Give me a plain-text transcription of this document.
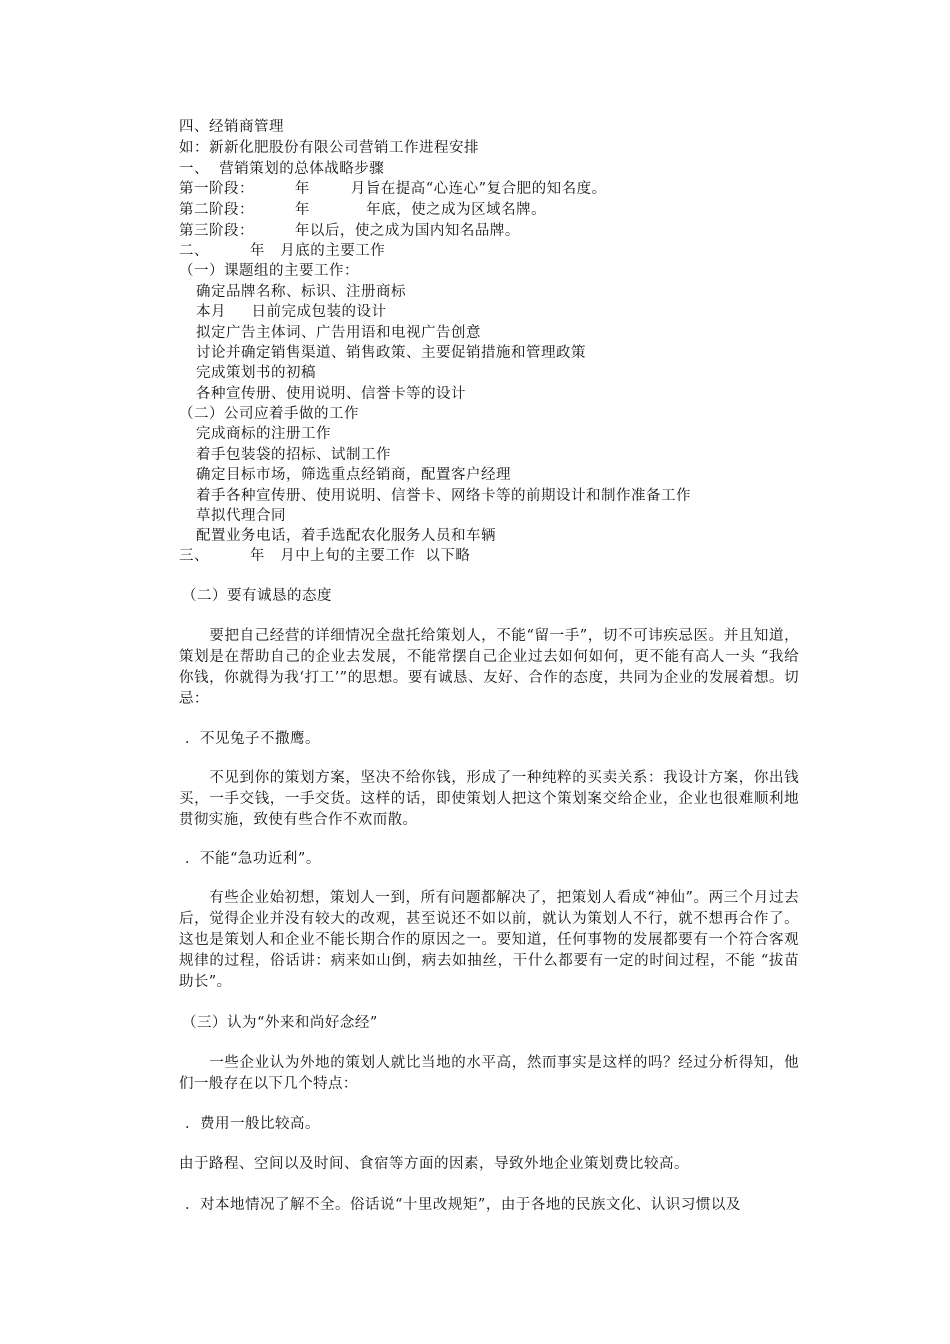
四、经销商管理
如：新新化肥股份有限公司营销工作进程安排
一、  营销策划的总体战略步骤
第一阶段：        年        月旨在提高“心连心”复合肥的知名度。
第二阶段：        年           年底，使之成为区域名牌。
第三阶段：        年以后，使之成为国内知名品牌。
二、        年   月底的主要工作
（一）课题组的主要工作：
确定品牌名称、标识、注册商标
本月     日前完成包装的设计
拟定广告主体词、广告用语和电视广告创意
讨论并确定销售渠道、销售政策、主要促销措施和管理政策
完成策划书的初稿
各种宣传册、使用说明、信誉卡等的设计
（二）公司应着手做的工作
完成商标的注册工作
着手包装袋的招标、试制工作
确定目标市场，筛选重点经销商，配置客户经理
着手各种宣传册、使用说明、信誉卡、网络卡等的前期设计和制作准备工作
草拟代理合同
配置业务电话，着手选配农化服务人员和车辆
三、        年   月中上旬的主要工作  以下略
（二）要有诚恳的态度
　　要把自己经营的详细情况全盘托给策划人，不能“留一手”，切不可讳疾忌医。并且知道，策划是在帮助自己的企业去发展，不能常摆自己企业过去如何如何，更不能有高人一头 “我给你钱，你就得为我‘打工’”的思想。要有诚恳、友好、合作的态度，共同为企业的发展着想。切忌：
．不见兔子不撒鹰。
　　不见到你的策划方案，坚决不给你钱，形成了一种纯粹的买卖关系：我设计方案，你出钱买，一手交钱，一手交货。这样的话，即使策划人把这个策划案交给企业，企业也很难顺利地贯彻实施，致使有些合作不欢而散。
．不能“急功近利”。
　　有些企业始初想，策划人一到，所有问题都解决了，把策划人看成“神仙”。两三个月过去后，觉得企业并没有较大的改观，甚至说还不如以前，就认为策划人不行，就不想再合作了。这也是策划人和企业不能长期合作的原因之一。要知道，任何事物的发展都要有一个符合客观规律的过程，俗话讲：病来如山倒，病去如抽丝，干什么都要有一定的时间过程，不能 “拔苗助长”。
（三）认为“外来和尚好念经”
　　一些企业认为外地的策划人就比当地的水平高，然而事实是这样的吗？经过分析得知，他们一般存在以下几个特点：
．费用一般比较高。
由于路程、空间以及时间、食宿等方面的因素，导致外地企业策划费比较高。
．对本地情况了解不全。俗话说“十里改规矩”，由于各地的民族文化、认识习惯以及
